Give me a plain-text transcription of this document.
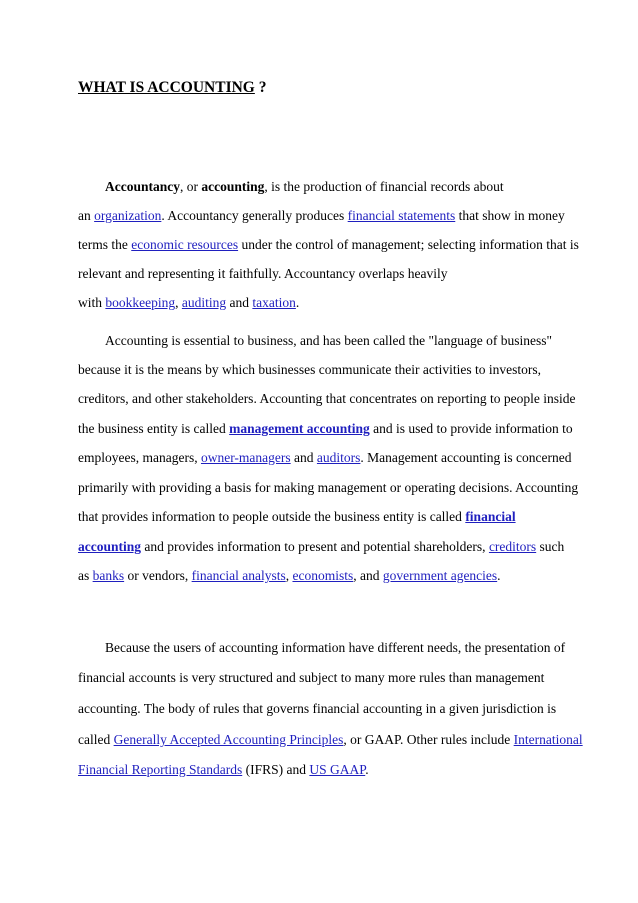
WHAT IS ACCOUNTING ?
Accountancy, or accounting, is the production of financial records about
an organization. Accountancy generally produces financial statements that show in money
terms the economic resources under the control of management; selecting information that is
relevant and representing it faithfully. Accountancy overlaps heavily
with bookkeeping, auditing and taxation.
Accounting is essential to business, and has been called the "language of business"
because it is the means by which businesses communicate their activities to investors,
creditors, and other stakeholders. Accounting that concentrates on reporting to people inside
the business entity is called management accounting and is used to provide information to
employees, managers, owner-managers and auditors. Management accounting is concerned
primarily with providing a basis for making management or operating decisions. Accounting
that provides information to people outside the business entity is called financial
accounting and provides information to present and potential shareholders, creditors such
as banks or vendors, financial analysts, economists, and government agencies.
Because the users of accounting information have different needs, the presentation of
financial accounts is very structured and subject to many more rules than management
accounting. The body of rules that governs financial accounting in a given jurisdiction is
called Generally Accepted Accounting Principles, or GAAP. Other rules include International
Financial Reporting Standards (IFRS) and US GAAP.
